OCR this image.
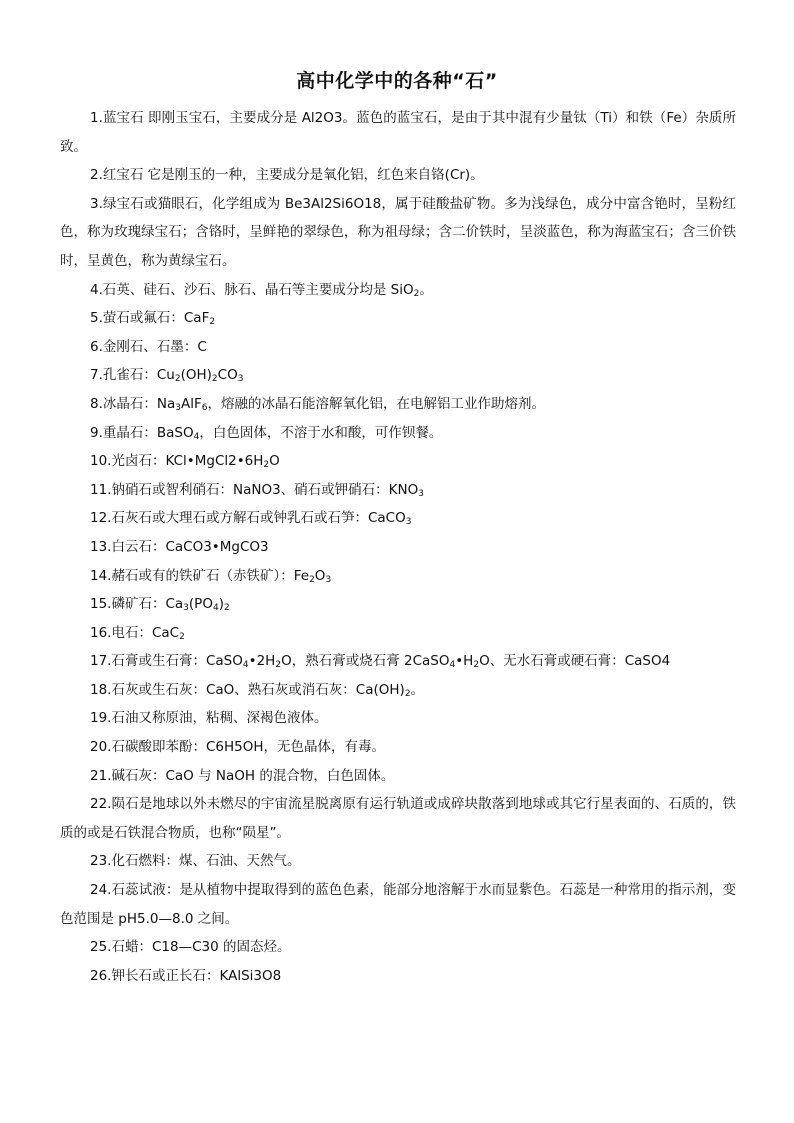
高中化学中的各种“石”

1.蓝宝石 即刚玉宝石，主要成分是 Al2O3。蓝色的蓝宝石，是由于其中混有少量钛（Ti）和铁（Fe）杂质所致。

2.红宝石 它是刚玉的一种，主要成分是氧化铝，红色来自铬(Cr)。

3.绿宝石或猫眼石，化学组成为 Be3Al2Si6O18，属于硅酸盐矿物。多为浅绿色，成分中富含铯时，呈粉红色，称为玫瑰绿宝石；含铬时，呈鲜艳的翠绿色，称为祖母绿；含二价铁时，呈淡蓝色，称为海蓝宝石；含三价铁时，呈黄色，称为黄绿宝石。

4.石英、硅石、沙石、脉石、晶石等主要成分均是 SiO$_2$。

5.萤石或氟石：CaF$_2$

6.金刚石、石墨：C

7.孔雀石：$Cu_2(OH)_2CO_3$

8.冰晶石：$Na_3AlF_6$，熔融的冰晶石能溶解氧化铝，在电解铝工业作助熔剂。

9.重晶石：BaSO$_4$，白色固体，不溶于水和酸，可作钡餐。

10.光卤石：$KCl•MgCl2•6H_2O$

11.钠硝石或智利硝石：NaNO3、硝石或钾硝石：$KNO_3$

12.石灰石或大理石或方解石或钟乳石或石笋：CaCO$_3$

13.白云石：CaCO3•MgCO3

14.赭石或有的铁矿石（赤铁矿）：$Fe_2O_3$

15.磷矿石：$Ca_3(PO_4)_2$

16.电石：CaC$_2$

17.石膏或生石膏：$CaSO_4•2H_2O$，熟石膏或烧石膏 $2CaSO_4•H_2O$、无水石膏或硬石膏：CaSO4

18.石灰或生石灰：CaO、熟石灰或消石灰：$Ca(OH)_2$。

19.石油又称原油，粘稠、深褐色液体。

20.石碳酸即苯酚：C6H5OH，无色晶体，有毒。

21.碱石灰：CaO 与 NaOH 的混合物，白色固体。

22.陨石是地球以外未燃尽的宇宙流星脱离原有运行轨道或成碎块散落到地球或其它行星表面的、石质的，铁质的或是石铁混合物质，也称“陨星”。

23.化石燃料：煤、石油、天然气。

24.石蕊试液：是从植物中提取得到的蓝色色素，能部分地溶解于水而显紫色。石蕊是一种常用的指示剂，变色范围是 pH5.0—8.0 之间。

25.石蜡：C18—C30 的固态烃。

26.钾长石或正长石：KAlSi3O8
